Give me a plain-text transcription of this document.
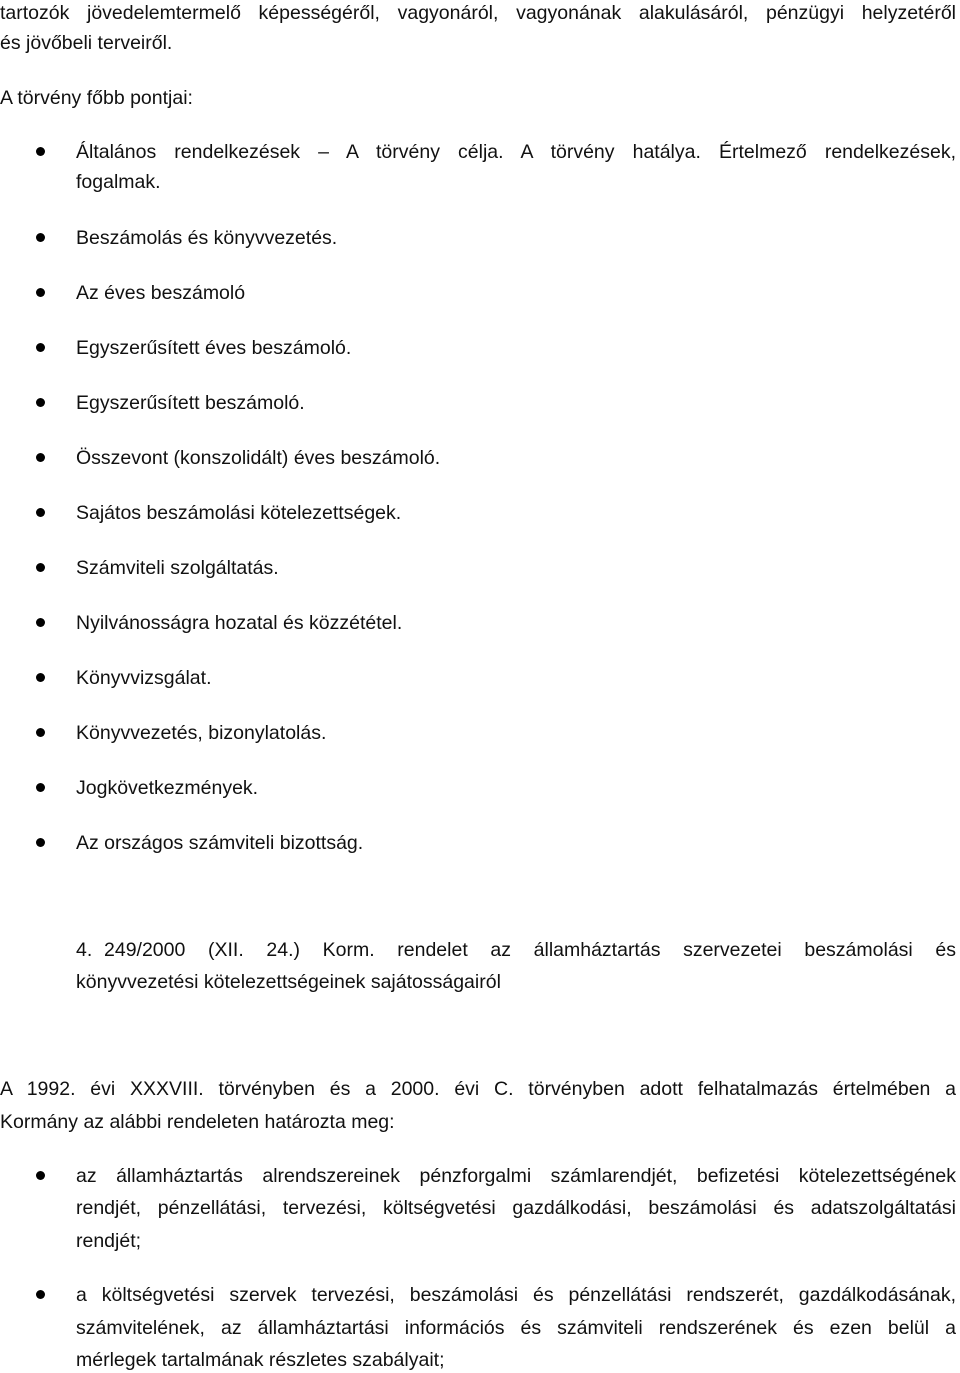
tartozók jövedelemtermelő képességéről, vagyonáról, vagyonának alakulásáról, pénzügyi helyzetéről
és jövőbeli terveiről.
A törvény főbb pontjai:
Általános rendelkezések – A törvény célja. A törvény hatálya. Értelmező rendelkezések,
fogalmak.
Beszámolás és könyvvezetés.
Az éves beszámoló
Egyszerűsített éves beszámoló.
Egyszerűsített beszámoló.
Összevont (konszolidált) éves beszámoló.
Sajátos beszámolási kötelezettségek.
Számviteli szolgáltatás.
Nyilvánosságra hozatal és közzététel.
Könyvvizsgálat.
Könyvvezetés, bizonylatolás.
Jogkövetkezmények.
Az országos számviteli bizottság.
4. 249/2000 (XII. 24.) Korm. rendelet az államháztartás szervezetei beszámolási és
könyvvezetési kötelezettségeinek sajátosságairól
A 1992. évi XXXVIII. törvényben és a 2000. évi C. törvényben adott felhatalmazás értelmében a
Kormány az alábbi rendeleten határozta meg:
az államháztartás alrendszereinek pénzforgalmi számlarendjét, befizetési kötelezettségének
rendjét, pénzellátási, tervezési, költségvetési gazdálkodási, beszámolási és adatszolgáltatási
rendjét;
a költségvetési szervek tervezési, beszámolási és pénzellátási rendszerét, gazdálkodásának,
számvitelének, az államháztartási információs és számviteli rendszerének és ezen belül a
mérlegek tartalmának részletes szabályait;
